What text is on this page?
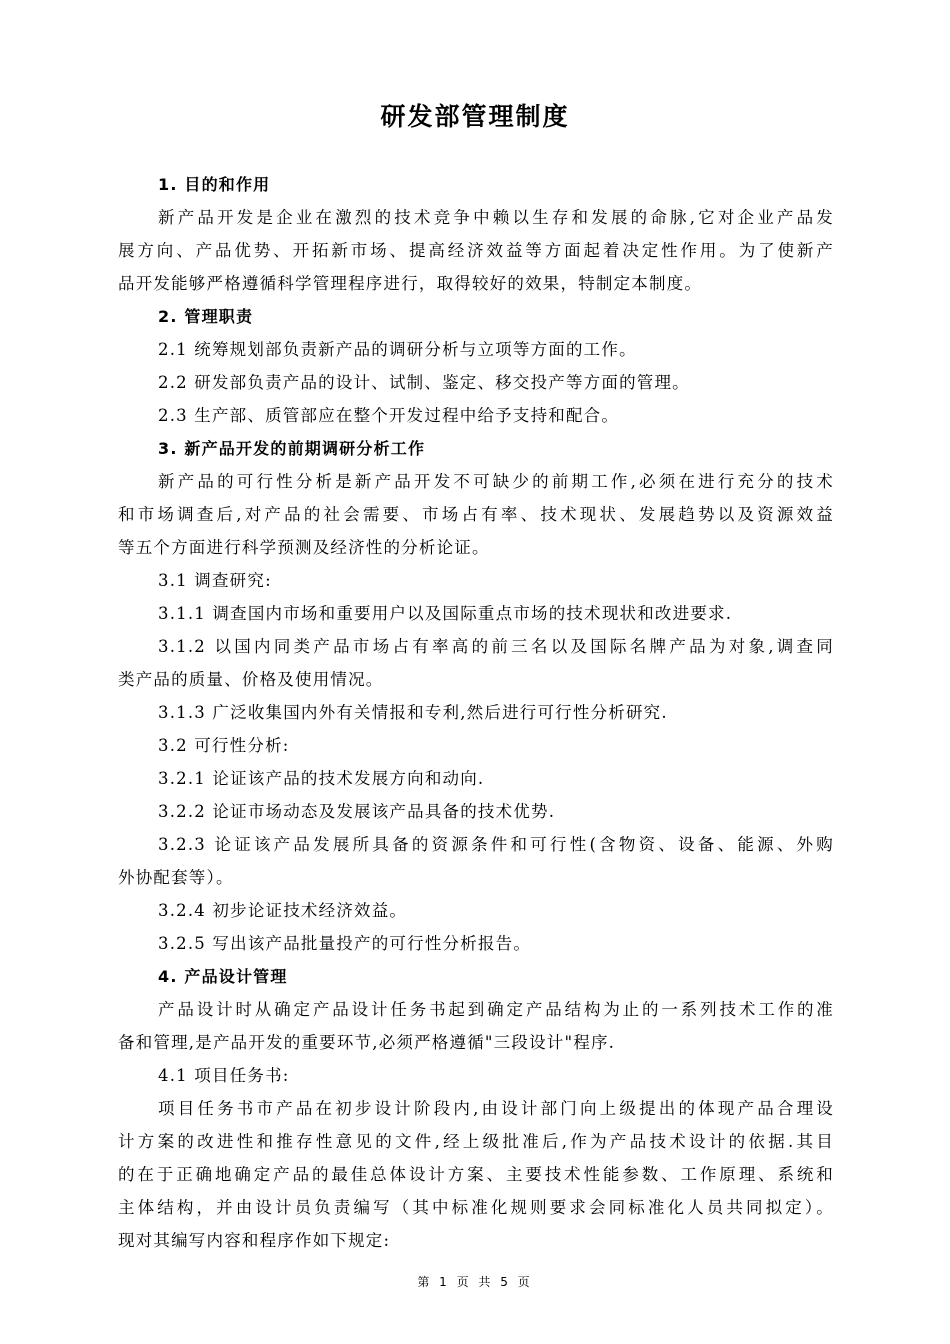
研发部管理制度
1. 目的和作用
新产品开发是企业在激烈的技术竞争中赖以生存和发展的命脉,它对企业产品发
展方向、产品优势、开拓新市场、提高经济效益等方面起着决定性作用。为了使新产
品开发能够严格遵循科学管理程序进行，取得较好的效果，特制定本制度。
2. 管理职责
2.1 统筹规划部负责新产品的调研分析与立项等方面的工作。
2.2 研发部负责产品的设计、试制、鉴定、移交投产等方面的管理。
2.3 生产部、质管部应在整个开发过程中给予支持和配合。
3. 新产品开发的前期调研分析工作
新产品的可行性分析是新产品开发不可缺少的前期工作,必须在进行充分的技术
和市场调查后,对产品的社会需要、市场占有率、技术现状、发展趋势以及资源效益
等五个方面进行科学预测及经济性的分析论证。
3.1 调查研究:
3.1.1 调查国内市场和重要用户以及国际重点市场的技术现状和改进要求.
3.1.2 以国内同类产品市场占有率高的前三名以及国际名牌产品为对象,调查同
类产品的质量、价格及使用情况。
3.1.3 广泛收集国内外有关情报和专利,然后进行可行性分析研究.
3.2 可行性分析:
3.2.1 论证该产品的技术发展方向和动向.
3.2.2 论证市场动态及发展该产品具备的技术优势.
3.2.3 论证该产品发展所具备的资源条件和可行性(含物资、设备、能源、外购
外协配套等）。
3.2.4 初步论证技术经济效益。
3.2.5 写出该产品批量投产的可行性分析报告。
4. 产品设计管理
产品设计时从确定产品设计任务书起到确定产品结构为止的一系列技术工作的准
备和管理,是产品开发的重要环节,必须严格遵循"三段设计"程序.
4.1 项目任务书:
项目任务书市产品在初步设计阶段内,由设计部门向上级提出的体现产品合理设
计方案的改进性和推存性意见的文件,经上级批准后,作为产品技术设计的依据.其目
的在于正确地确定产品的最佳总体设计方案、主要技术性能参数、工作原理、系统和
主体结构，并由设计员负责编写（其中标准化规则要求会同标准化人员共同拟定）。
现对其编写内容和程序作如下规定:
第 1 页 共 5 页
